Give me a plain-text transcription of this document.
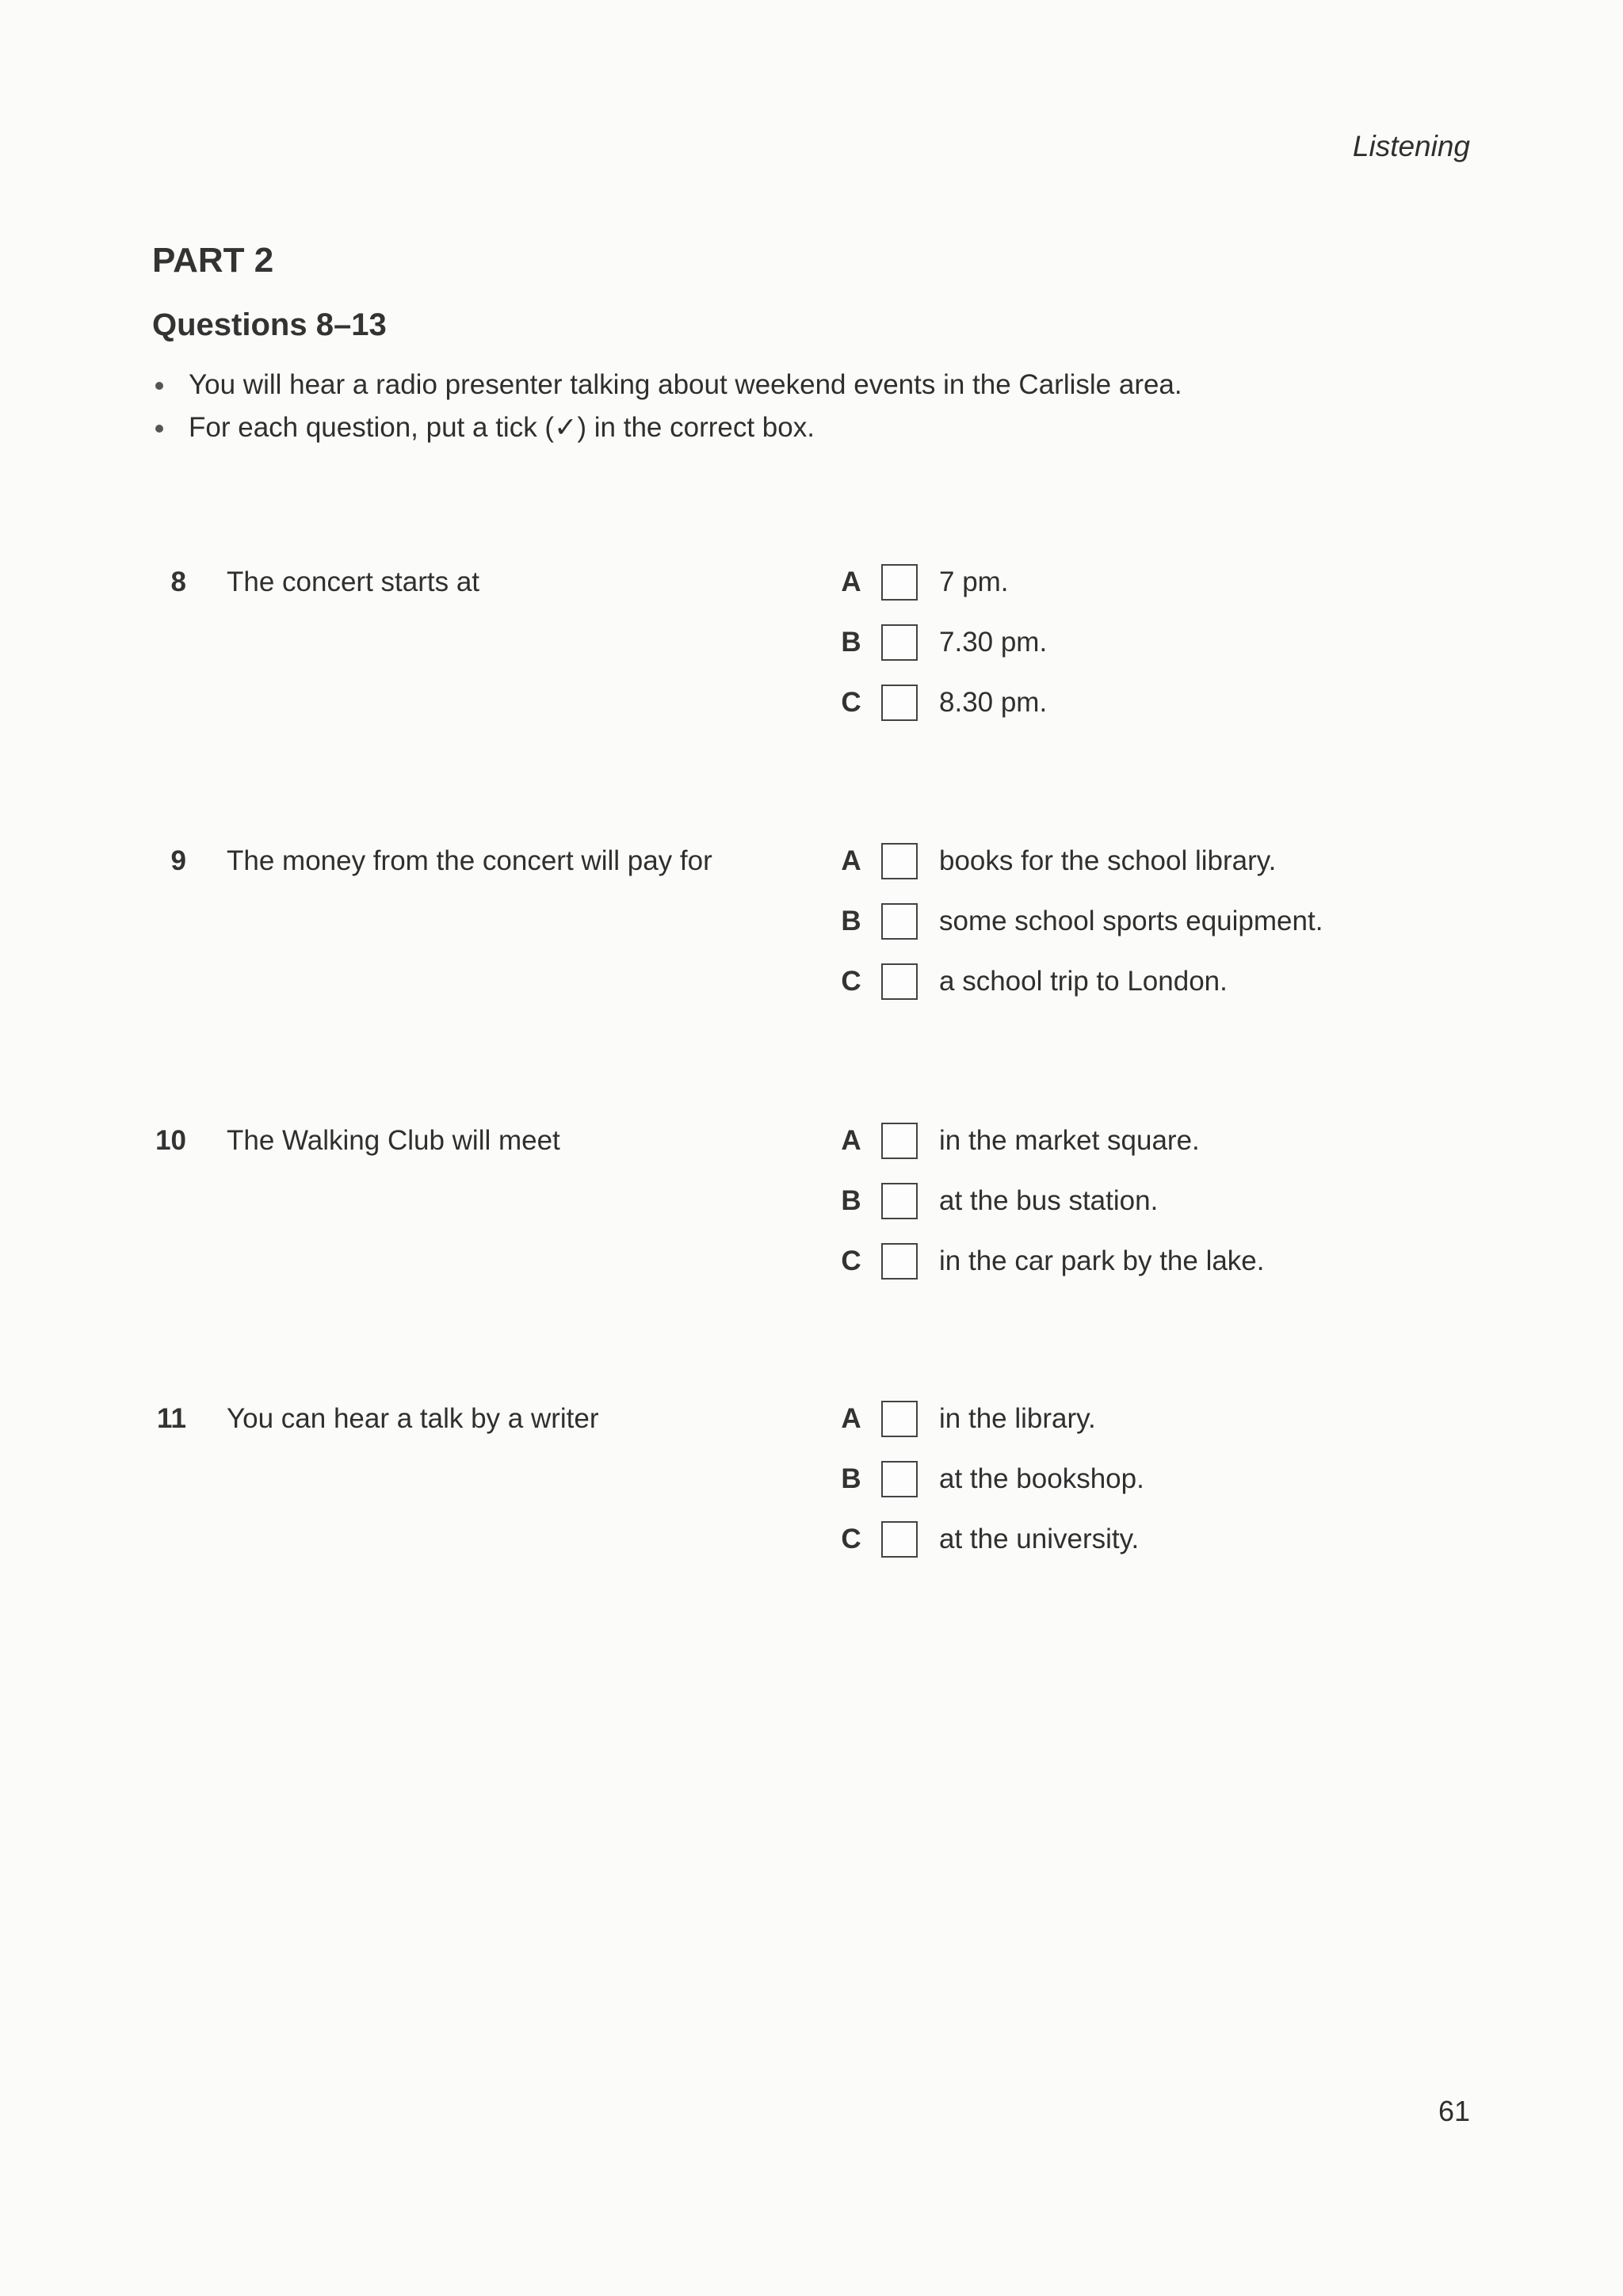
Listening
PART 2
Questions 8–13
You will hear a radio presenter talking about weekend events in the Carlisle area.
For each question, put a tick (✓) in the correct box.
8 The concert starts at	A	7 pm.
B	7.30 pm.
C	8.30 pm.
9 The money from the concert will pay for	A	books for the school library.
B	some school sports equipment.
C	a school trip to London.
10 The Walking Club will meet	A	in the market square.
B	at the bus station.
C	in the car park by the lake.
11 You can hear a talk by a writer	A	in the library.
B	at the bookshop.
C	at the university.
61
